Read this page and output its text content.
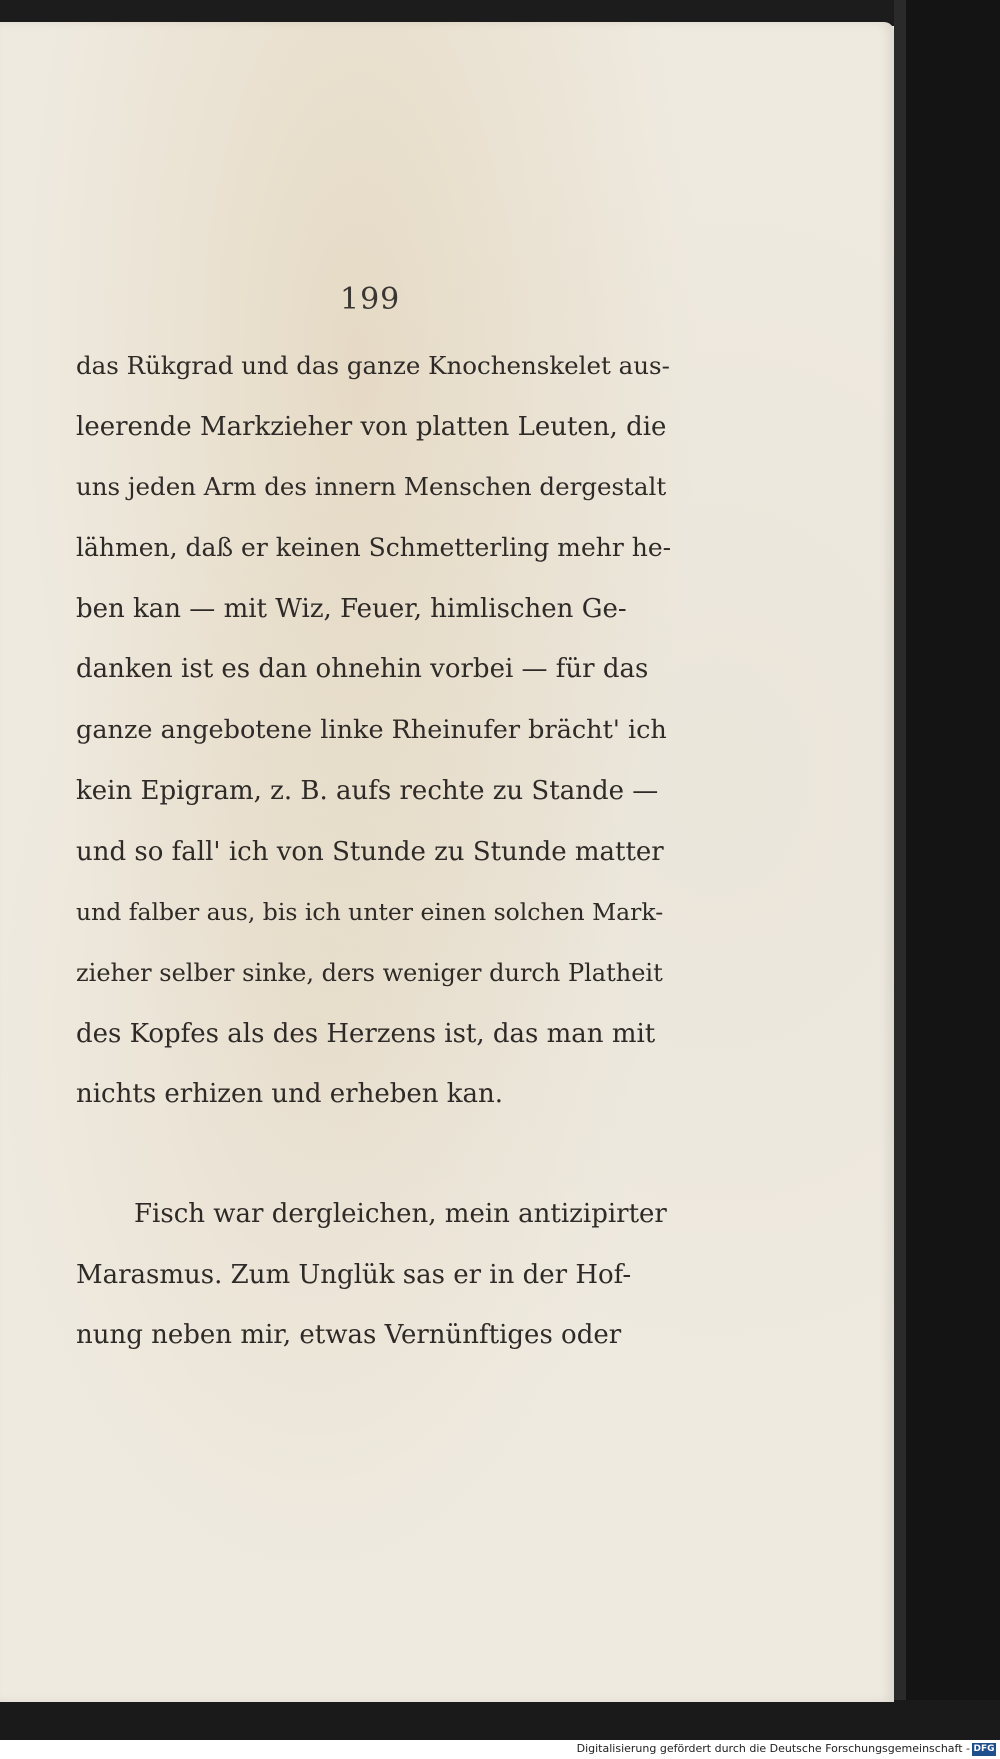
199
das Rükgrad und das ganze Knochenskelet aus-
leerende Markzieher von platten Leuten, die
uns jeden Arm des innern Menschen dergestalt
lähmen, daß er keinen Schmetterling mehr he-
ben kan — mit Wiz, Feuer, himlischen Ge-
danken ist es dan ohnehin vorbei — für das
ganze angebotene linke Rheinufer brächt' ich
kein Epigram, z. B. aufs rechte zu Stande —
und so fall' ich von Stunde zu Stunde matter
und falber aus, bis ich unter einen solchen Mark-
zieher selber sinke, ders weniger durch Platheit
des Kopfes als des Herzens ist, das man mit
nichts erhizen und erheben kan.
Fisch war dergleichen, mein antizipirter
Marasmus. Zum Unglük sas er in der Hof-
nung neben mir, etwas Vernünftiges oder
Digitalisierung gefördert durch die Deutsche Forschungsgemeinschaft - DFG
